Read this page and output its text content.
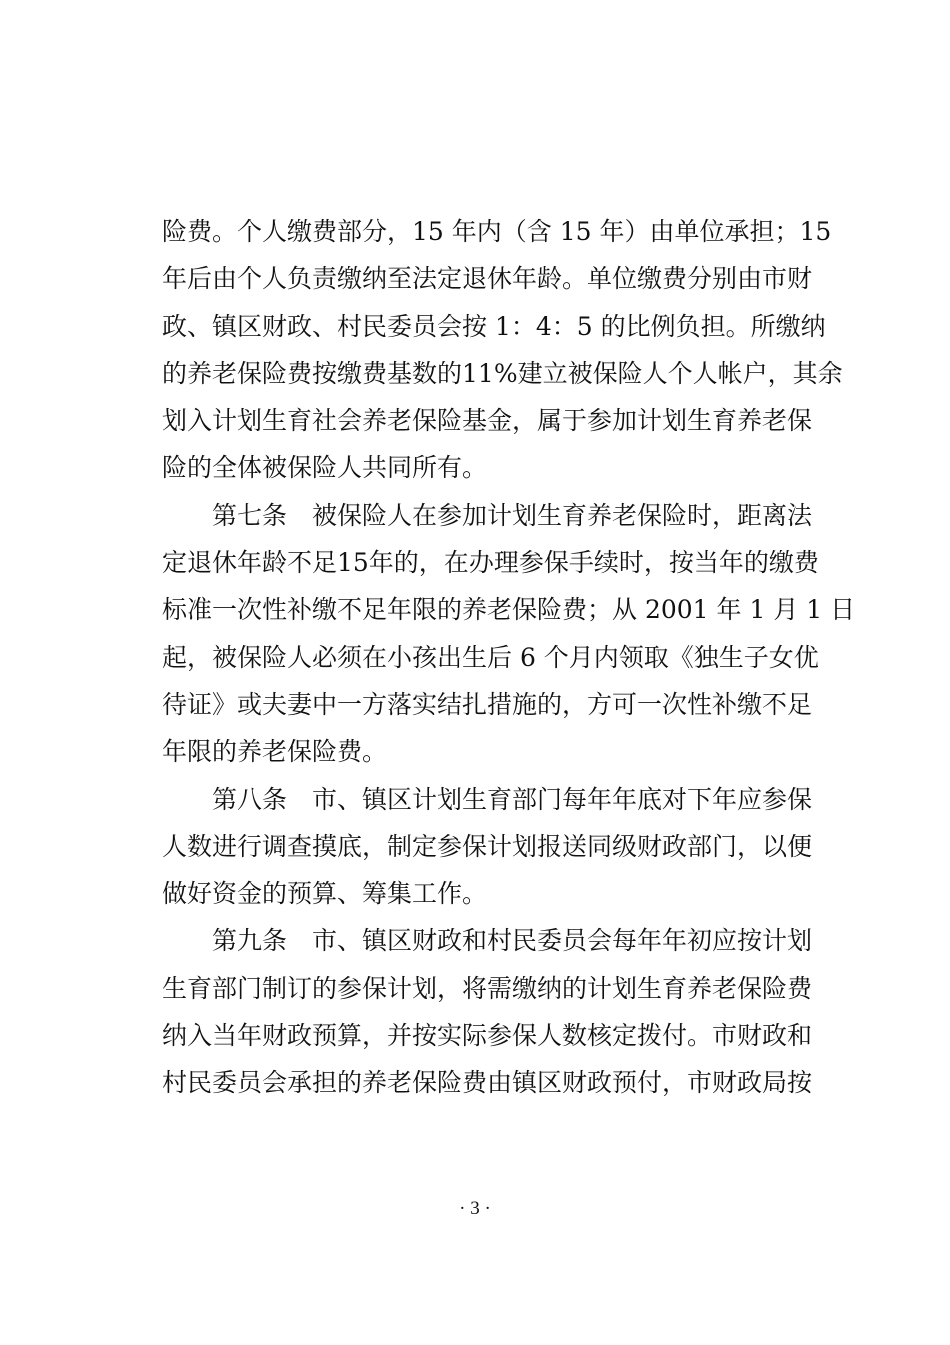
险费。个人缴费部分，15 年内（含 15 年）由单位承担；15
年后由个人负责缴纳至法定退休年龄。单位缴费分别由市财
政、镇区财政、村民委员会按 1：4：5 的比例负担。所缴纳
的养老保险费按缴费基数的11%建立被保险人个人帐户，其余
划入计划生育社会养老保险基金，属于参加计划生育养老保
险的全体被保险人共同所有。
　　第七条　被保险人在参加计划生育养老保险时，距离法
定退休年龄不足15年的，在办理参保手续时，按当年的缴费
标准一次性补缴不足年限的养老保险费；从 2001 年 1 月 1 日
起，被保险人必须在小孩出生后 6 个月内领取《独生子女优
待证》或夫妻中一方落实结扎措施的，方可一次性补缴不足
年限的养老保险费。
　　第八条　市、镇区计划生育部门每年年底对下年应参保
人数进行调查摸底，制定参保计划报送同级财政部门，以便
做好资金的预算、筹集工作。
　　第九条　市、镇区财政和村民委员会每年年初应按计划
生育部门制订的参保计划，将需缴纳的计划生育养老保险费
纳入当年财政预算，并按实际参保人数核定拨付。市财政和
村民委员会承担的养老保险费由镇区财政预付，市财政局按
· 3 ·
